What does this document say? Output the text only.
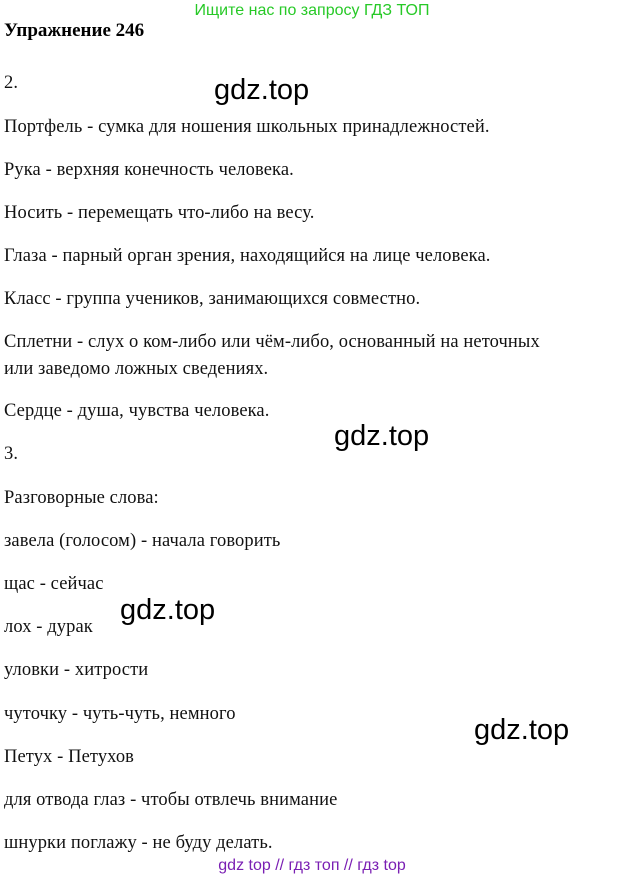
Ищите нас по запросу ГДЗ ТОП
Упражнение 246
2.
Портфель - сумка для ношения школьных принадлежностей.
Рука - верхняя конечность человека.
Носить - перемещать что-либо на весу.
Глаза - парный орган зрения, находящийся на лице человека.
Класс - группа учеников, занимающихся совместно.
Сплетни - слух о ком-либо или чём-либо, основанный на неточных
или заведомо ложных сведениях.
Сердце - душа, чувства человека.
3.
Разговорные слова:
завела (голосом) - начала говорить
щас - сейчас
лох - дурак
уловки - хитрости
чуточку - чуть-чуть, немного
Петух - Петухов
для отвода глаз - чтобы отвлечь внимание
шнурки поглажу - не буду делать.
gdz.top
gdz.top
gdz.top
gdz.top
gdz top // гдз топ // гдз top
